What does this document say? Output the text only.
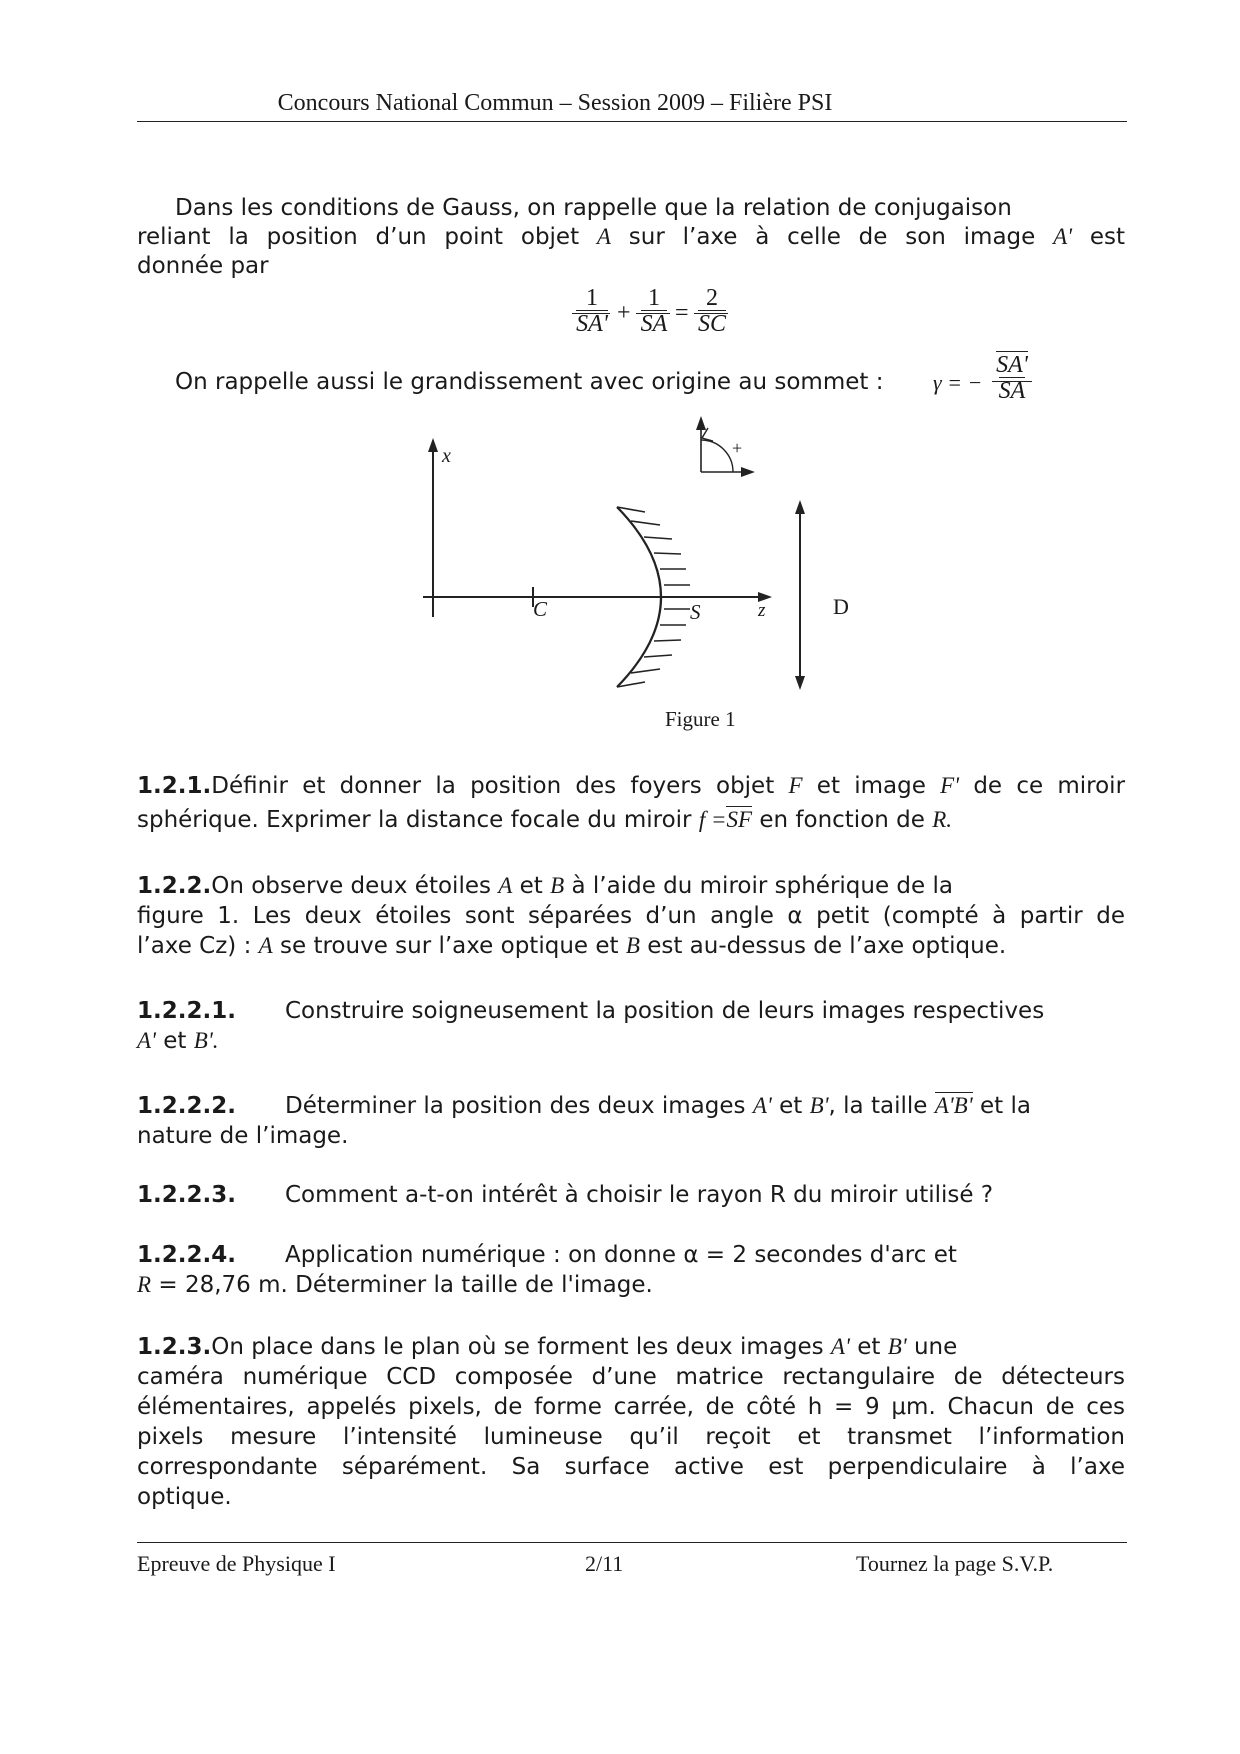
Concours National Commun – Session 2009 – Filière PSI
Dans les conditions de Gauss, on rappelle que la relation de conjugaison
reliant la position d’un point objet A sur l’axe à celle de son image A' est
donnée par
1
SA' +
1
SA =
2
SC
On rappelle aussi le grandissement avec origine au sommet :	γ = −
SA'
SA
x
C	S	z
+
D
Figure 1
1.2.1.Définir et donner la position des foyers objet F et image F' de ce miroir
sphérique. Exprimer la distance focale du miroir f =SF en fonction de R.
1.2.2.On observe deux étoiles A et B à l’aide du miroir sphérique de la
figure 1. Les deux étoiles sont séparées d’un angle α petit (compté à partir de
l’axe Cz) : A se trouve sur l’axe optique et B est au-dessus de l’axe optique.
1.2.2.1. Construire soigneusement la position de leurs images respectives
A' et B'.
1.2.2.2. Déterminer la position des deux images A' et B', la taille A'B' et la
nature de l’image.
1.2.2.3. Comment a-t-on intérêt à choisir le rayon R du miroir utilisé ?
1.2.2.4. Application numérique : on donne α = 2 secondes d'arc et
R = 28,76 m. Déterminer la taille de l'image.
1.2.3.On place dans le plan où se forment les deux images A' et B' une
caméra numérique CCD composée d’une matrice rectangulaire de détecteurs
élémentaires, appelés pixels, de forme carrée, de côté h = 9 μm. Chacun de ces
pixels mesure l’intensité lumineuse qu’il reçoit et transmet l’information
correspondante séparément. Sa surface active est perpendiculaire à l’axe
optique.
Epreuve de Physique I	2/11	Tournez la page S.V.P.
